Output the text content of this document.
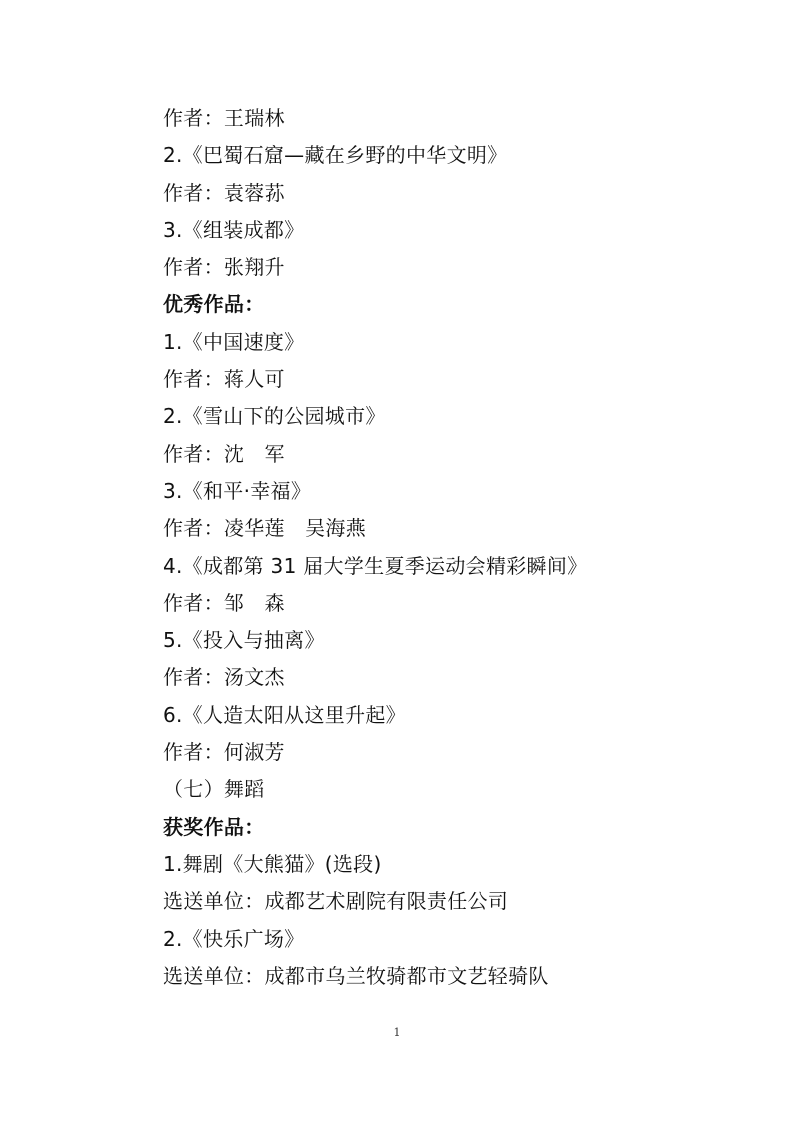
作者：王瑞林
2.《巴蜀石窟—藏在乡野的中华文明》
作者：袁蓉荪
3.《组装成都》
作者：张翔升
优秀作品：
1.《中国速度》
作者：蒋人可
2.《雪山下的公园城市》
作者：沈　军
3.《和平·幸福》
作者：凌华莲　吴海燕
4.《成都第 31 届大学生夏季运动会精彩瞬间》
作者：邹　森
5.《投入与抽离》
作者：汤文杰
6.《人造太阳从这里升起》
作者：何淑芳
（七）舞蹈
获奖作品：
1.舞剧《大熊猫》(选段)
选送单位：成都艺术剧院有限责任公司
2.《快乐广场》
选送单位：成都市乌兰牧骑都市文艺轻骑队
1
